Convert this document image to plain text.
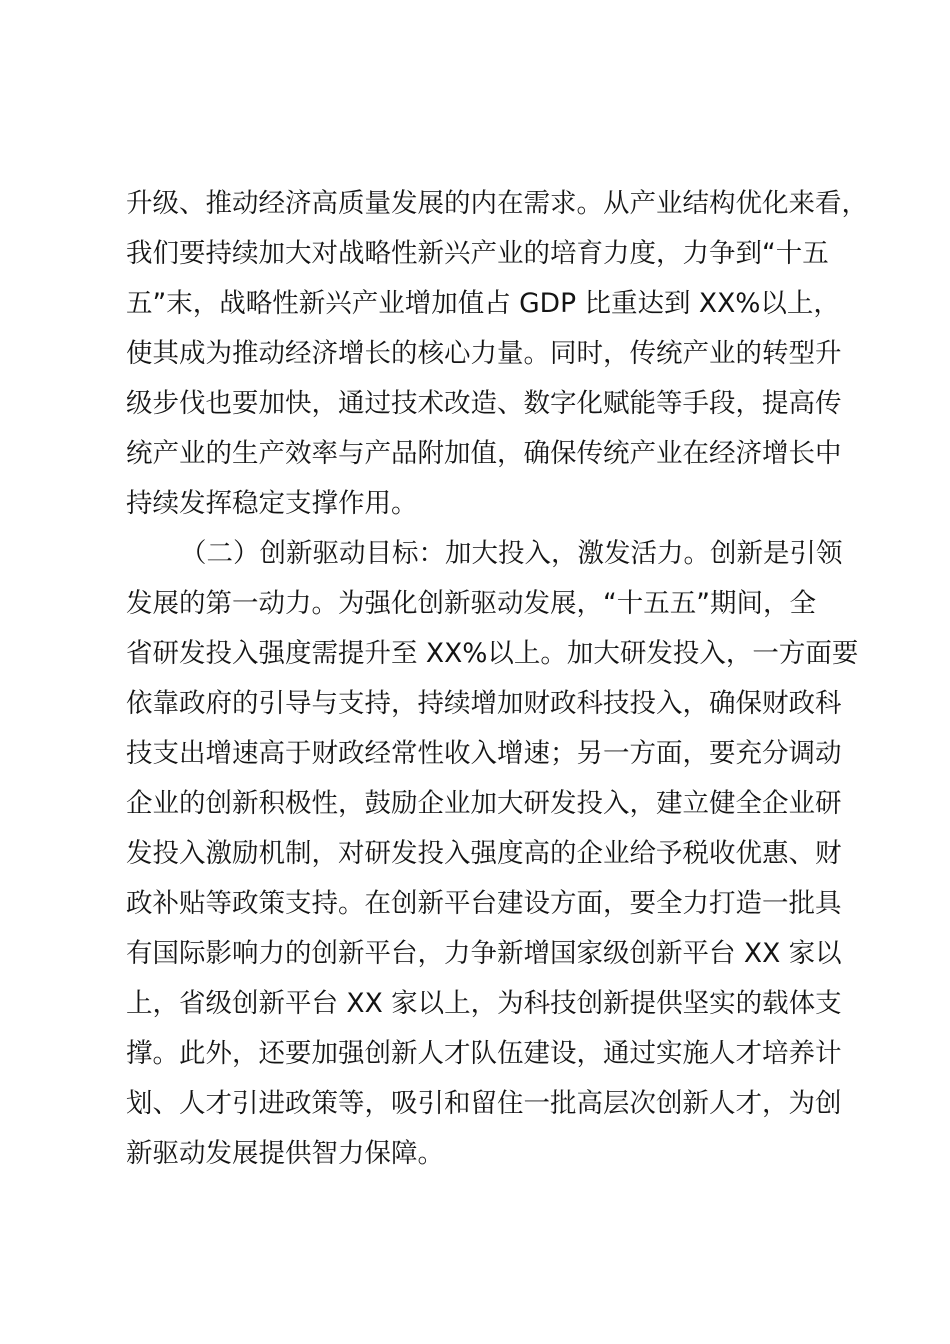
升级、推动经济高质量发展的内在需求。从产业结构优化来看，
我们要持续加大对战略性新兴产业的培育力度，力争到“十五
五”末，战略性新兴产业增加值占 GDP 比重达到 XX%以上，
使其成为推动经济增长的核心力量。同时，传统产业的转型升
级步伐也要加快，通过技术改造、数字化赋能等手段，提高传
统产业的生产效率与产品附加值，确保传统产业在经济增长中
持续发挥稳定支撑作用。
（二）创新驱动目标：加大投入，激发活力。创新是引领
发展的第一动力。为强化创新驱动发展，“十五五”期间，全
省研发投入强度需提升至 XX%以上。加大研发投入，一方面要
依靠政府的引导与支持，持续增加财政科技投入，确保财政科
技支出增速高于财政经常性收入增速；另一方面，要充分调动
企业的创新积极性，鼓励企业加大研发投入，建立健全企业研
发投入激励机制，对研发投入强度高的企业给予税收优惠、财
政补贴等政策支持。在创新平台建设方面，要全力打造一批具
有国际影响力的创新平台，力争新增国家级创新平台 XX 家以
上，省级创新平台 XX 家以上，为科技创新提供坚实的载体支
撑。此外，还要加强创新人才队伍建设，通过实施人才培养计
划、人才引进政策等，吸引和留住一批高层次创新人才，为创
新驱动发展提供智力保障。
